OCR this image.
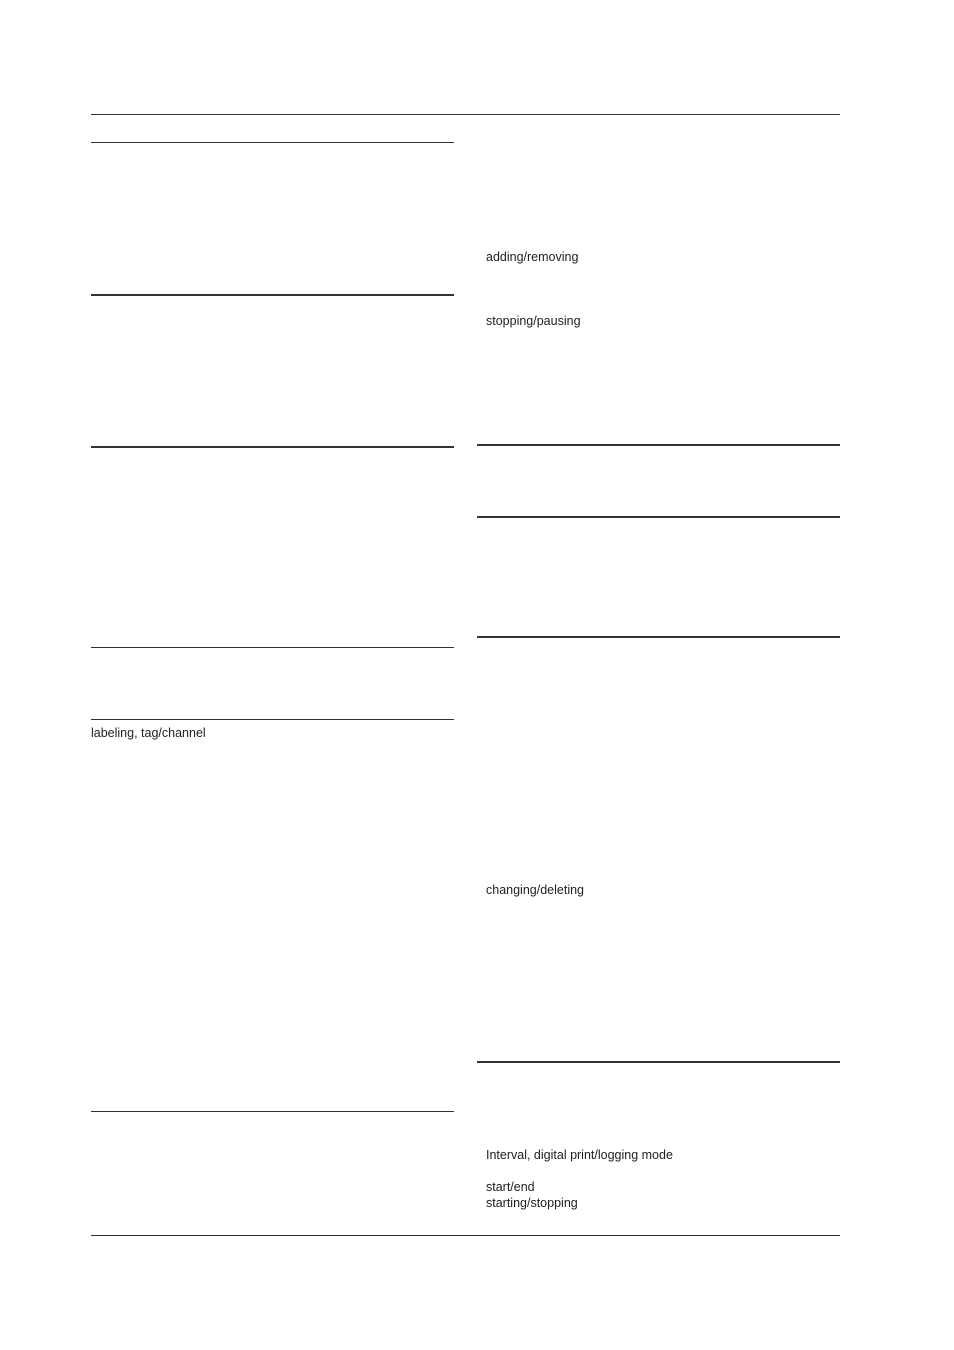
labeling, tag/channel
adding/removing
stopping/pausing
changing/deleting
Interval, digital print/logging mode
start/end
starting/stopping
